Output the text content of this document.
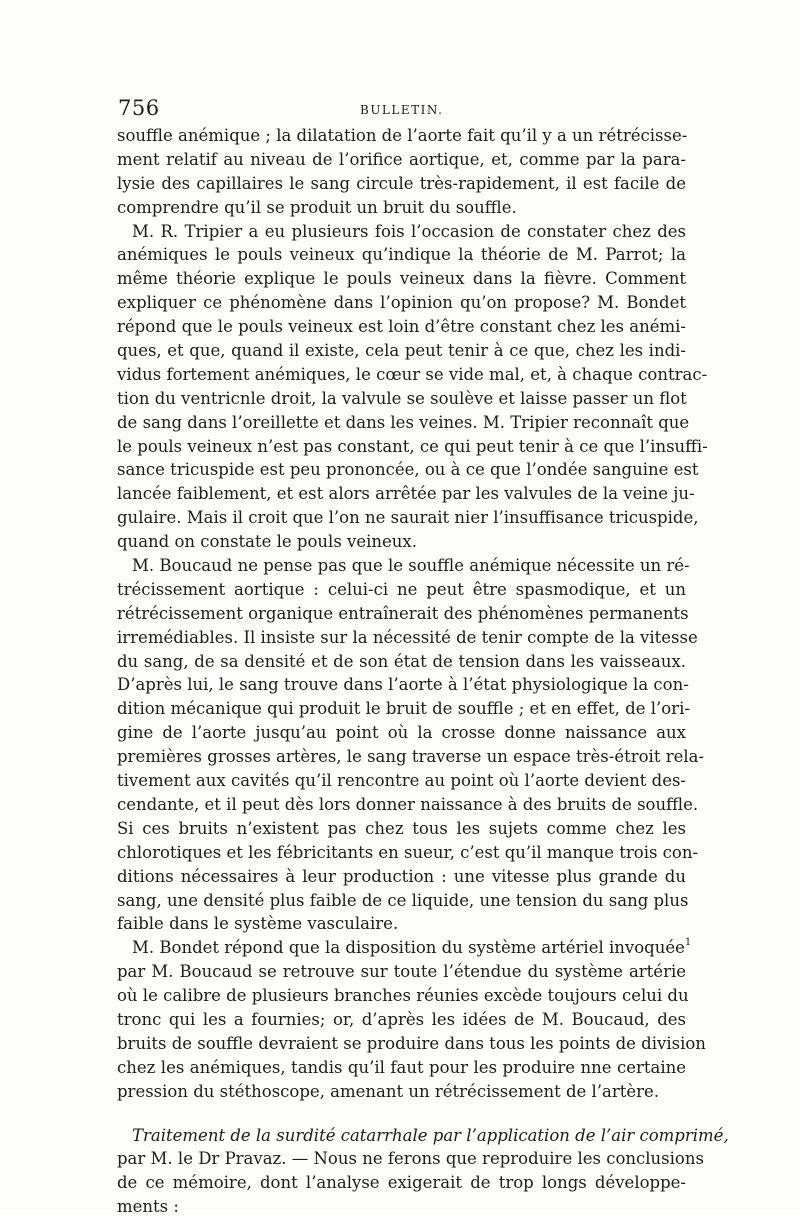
756	BULLETIN.
souffle anémique ; la dilatation de l’aorte fait qu’il y a un rétrécisse-
ment relatif au niveau de l’orifice aortique, et, comme par la para-
lysie des capillaires le sang circule très-rapidement, il est facile de
comprendre qu’il se produit un bruit du souffle.
M. R. Tripier a eu plusieurs fois l’occasion de constater chez des
anémiques le pouls veineux qu’indique la théorie de M. Parrot; la
même théorie explique le pouls veineux dans la fièvre. Comment
expliquer ce phénomène dans l’opinion qu’on propose? M. Bondet
répond que le pouls veineux est loin d’être constant chez les anémi-
ques, et que, quand il existe, cela peut tenir à ce que, chez les indi-
vidus fortement anémiques, le cœur se vide mal, et, à chaque contrac-
tion du ventricnle droit, la valvule se soulève et laisse passer un flot
de sang dans l’oreillette et dans les veines. M. Tripier reconnaît que
le pouls veineux n’est pas constant, ce qui peut tenir à ce que l’insuffi-
sance tricuspide est peu prononcée, ou à ce que l’ondée sanguine est
lancée faiblement, et est alors arrêtée par les valvules de la veine ju-
gulaire. Mais il croit que l’on ne saurait nier l’insuffisance tricuspide,
quand on constate le pouls veineux.
M. Boucaud ne pense pas que le souffle anémique nécessite un ré-
trécissement aortique : celui-ci ne peut être spasmodique, et un
rétrécissement organique entraînerait des phénomènes permanents
irremédiables. Il insiste sur la nécessité de tenir compte de la vitesse
du sang, de sa densité et de son état de tension dans les vaisseaux.
D’après lui, le sang trouve dans l’aorte à l’état physiologique la con-
dition mécanique qui produit le bruit de souffle ; et en effet, de l’ori-
gine de l’aorte jusqu’au point où la crosse donne naissance aux
premières grosses artères, le sang traverse un espace très-étroit rela-
tivement aux cavités qu’il rencontre au point où l’aorte devient des-
cendante, et il peut dès lors donner naissance à des bruits de souffle.
Si ces bruits n’existent pas chez tous les sujets comme chez les
chlorotiques et les fébricitants en sueur, c’est qu’il manque trois con-
ditions nécessaires à leur production : une vitesse plus grande du
sang, une densité plus faible de ce liquide, une tension du sang plus
faible dans le système vasculaire.
M. Bondet répond que la disposition du système artériel invoquée$^1$
par M. Boucaud se retrouve sur toute l’étendue du système artérie
où le calibre de plusieurs branches réunies excède toujours celui du
tronc qui les a fournies; or, d’après les idées de M. Boucaud, des
bruits de souffle devraient se produire dans tous les points de division
chez les anémiques, tandis qu’il faut pour les produire nne certaine
pression du stéthoscope, amenant un rétrécissement de l’artère.
Traitement de la surdité catarrhale par l’application de l’air comprimé,
par M. le Dr Pravaz. — Nous ne ferons que reproduire les conclusions
de ce mémoire, dont l’analyse exigerait de trop longs développe-
ments :
